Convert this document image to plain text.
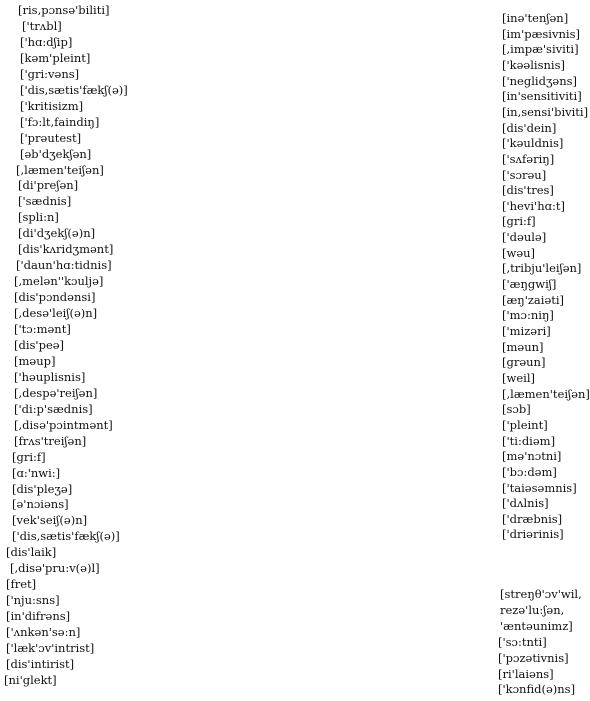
[ris,pɔnsə'biliti]
['trʌbl]
['hɑ:dʃip]
[kəm'pleint]
['gri:vəns]
['dis,sætis'fækʃ(ə)]
['kritisizm]
['fɔ:lt,faindiŋ]
['prəutest]
[əb'dʒekʃən]
[,læmen'teiʃən]
[di'preʃən]
['sædnis]
[spli:n]
[di'dʒekʃ(ə)n]
[dis'kʌridʒmənt]
['daun'hɑ:tidnis]
[,melən''kɔuljə]
[dis'pɔndənsi]
[,desə'leiʃ(ə)n]
['tɔ:mənt]
[dis'peə]
[məup]
['həuplisnis]
[,despə'reiʃən]
['di:p'sædnis]
[,disə'pɔintmənt]
[frʌs'treiʃən]
[gri:f]
[ɑ:'nwi:]
[dis'pleʒə]
[ə'nɔiəns]
[vek'seiʃ(ə)n]
['dis,sætis'fækʃ(ə)]
[dis'laik]
[,disə'pru:v(ə)l]
[fret]
['nju:sns]
[in'difrəns]
['ʌnkən'sə:n]
['læk'ɔv'intrist]
[dis'intirist]
[ni'glekt]
[inə'tenʃən]
[im'pæsivnis]
[,impæ'siviti]
['kəəlisnis]
['neglidʒəns]
[in'sensitiviti]
[in,sensi'biviti]
[dis'dein]
['kəuldnis]
['sʌfəriŋ]
['sɔrəu]
[dis'tres]
['hevi'hɑ:t]
[gri:f]
['dəulə]
[wəu]
[,tribju'leiʃən]
['æŋgwiʃ]
[æŋ'zaiəti]
['mɔ:niŋ]
['mizəri]
[məun]
[grəun]
[weil]
[,læmen'teiʃən]
[sɔb]
['pleint]
['ti:diəm]
[mə'nɔtni]
['bɔ:dəm]
['taiəsəmnis]
['dʌlnis]
['dræbnis]
['driərinis]
[streŋθ'ɔv'wil,
rezə'lu:ʃən,
'æntəunimz]
['sɔ:tnti]
['pɔzətivnis]
[ri'laiəns]
['kɔnfid(ə)ns]
